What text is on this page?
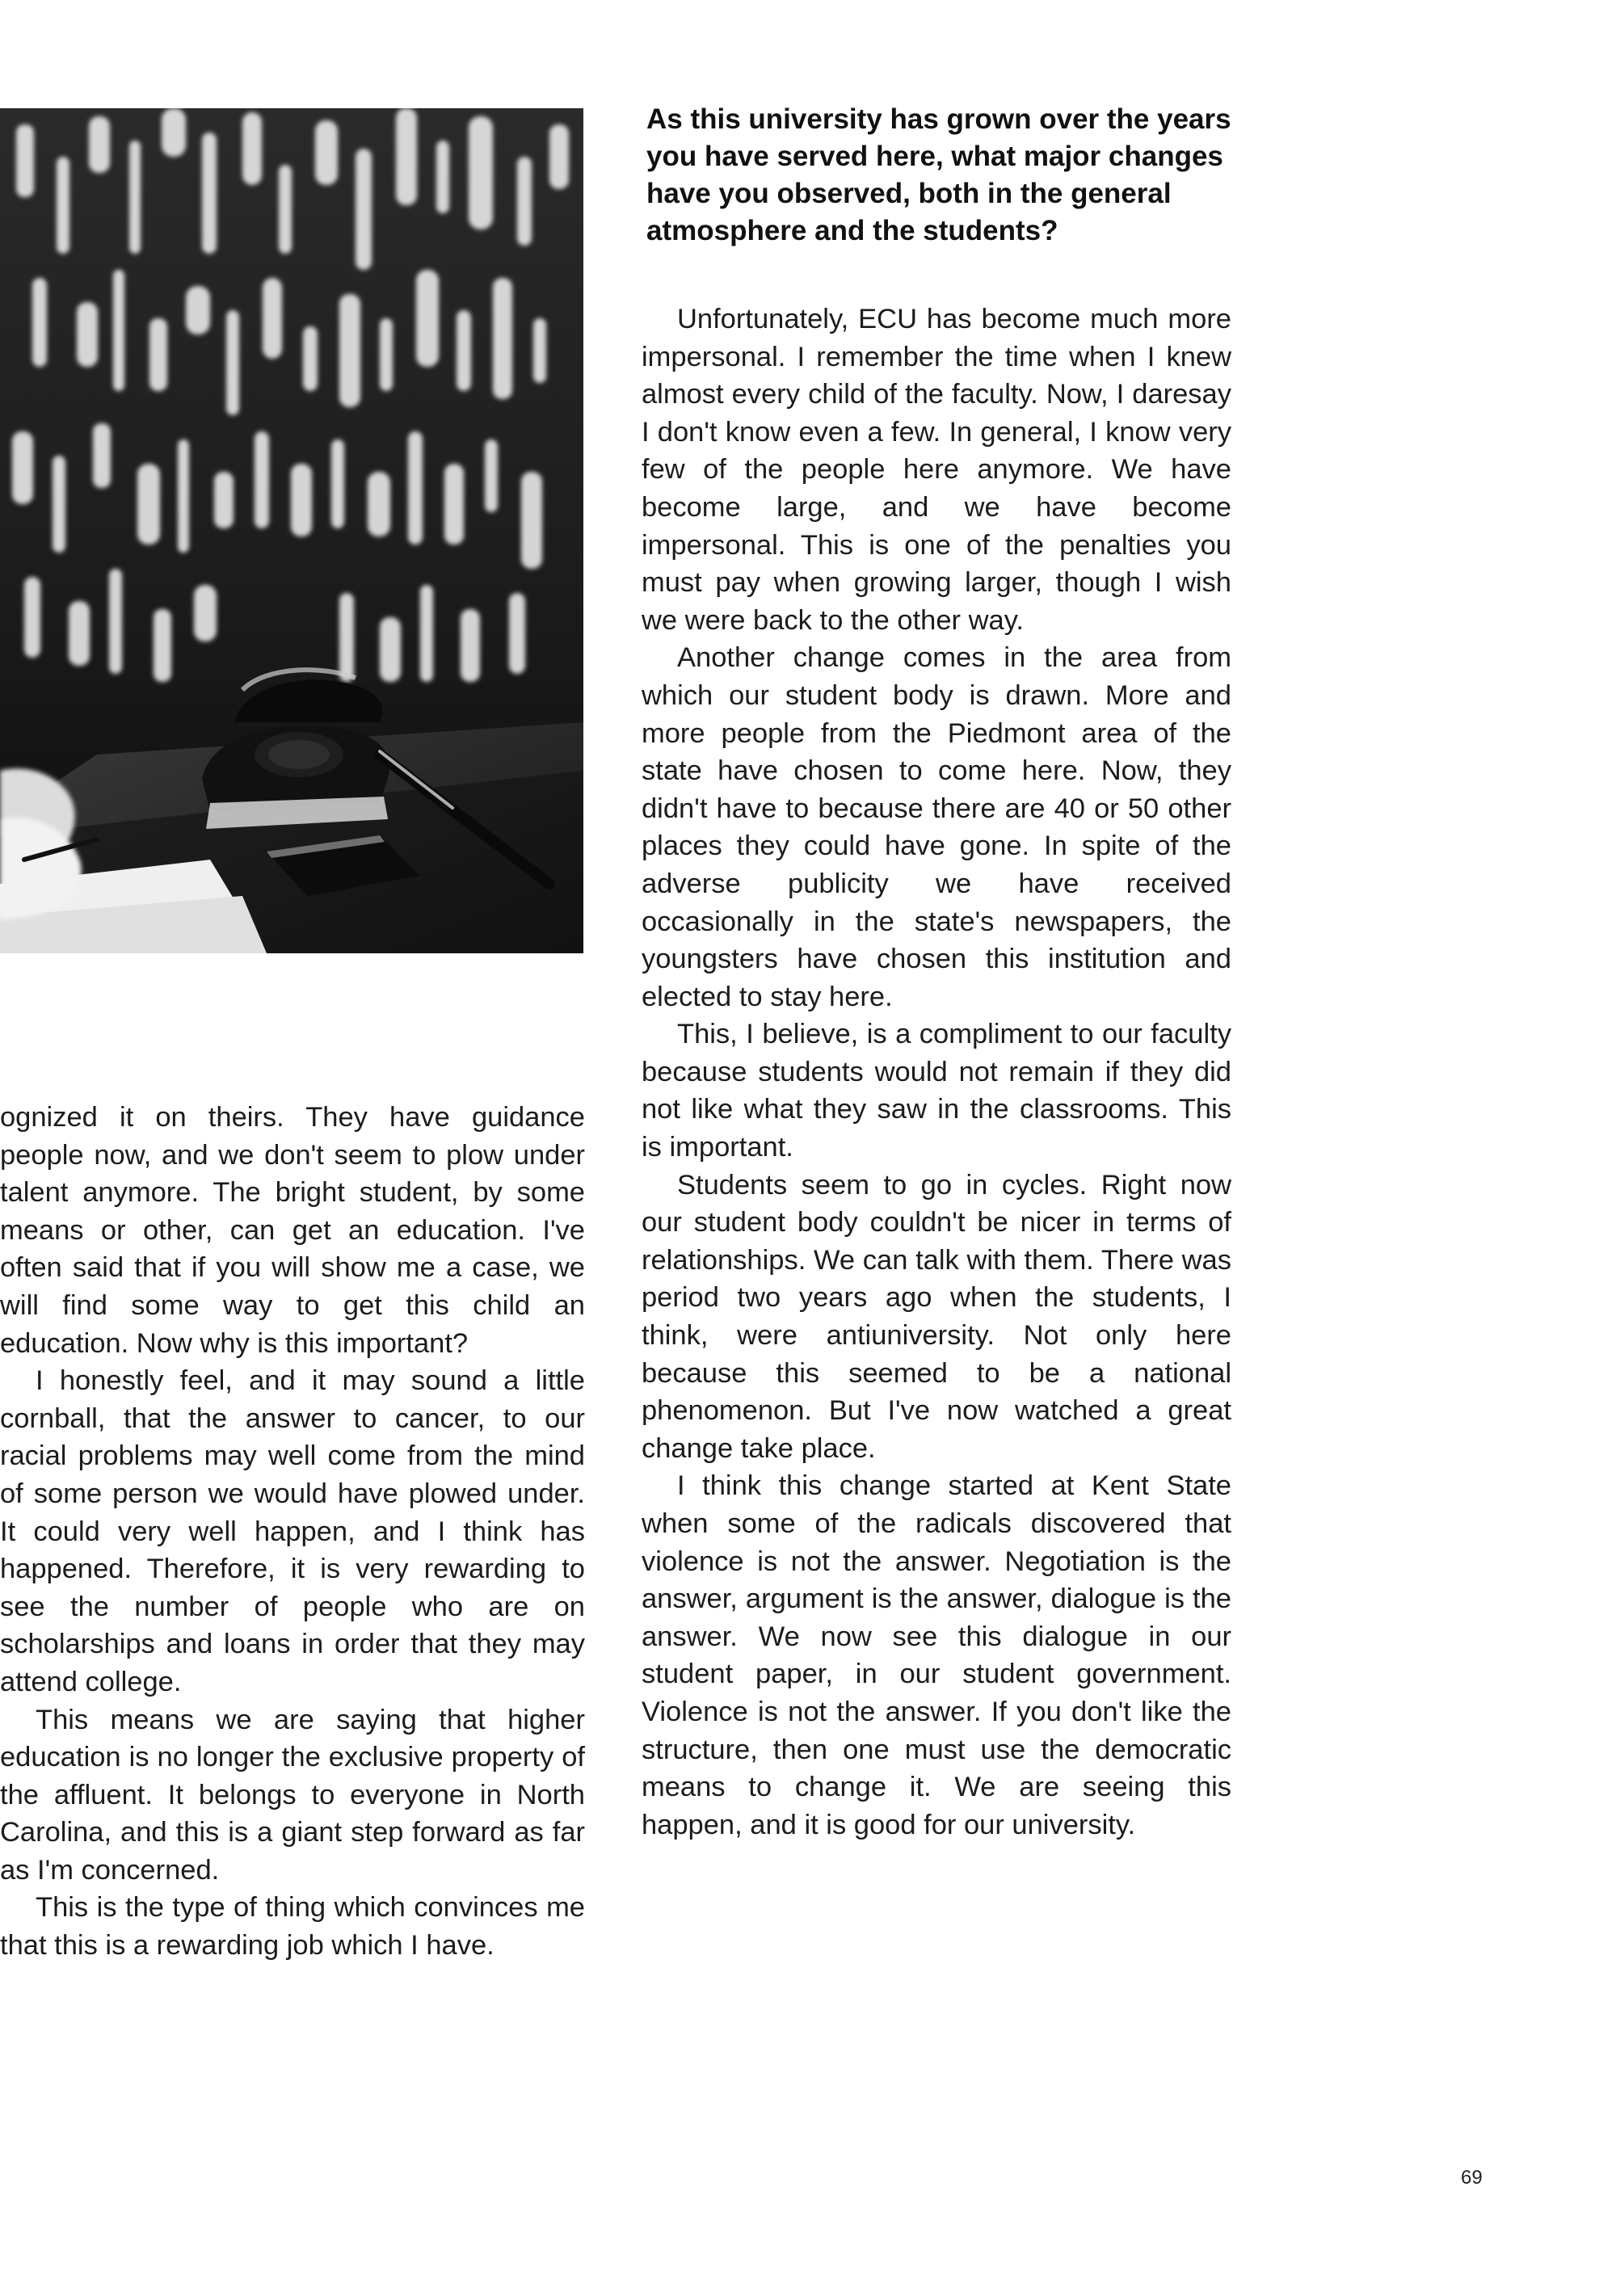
As this university has grown over the years you have served here, what major changes have you observed, both in the general atmosphere and the students?

ognized it on theirs. They have guidance people now, and we don't seem to plow under talent anymore. The bright student, by some means or other, can get an education. I've often said that if you will show me a case, we will find some way to get this child an education. Now why is this important?

I honestly feel, and it may sound a little cornball, that the answer to cancer, to our racial problems may well come from the mind of some person we would have plowed under. It could very well happen, and I think has happened. Therefore, it is very rewarding to see the number of people who are on scholarships and loans in order that they may attend college.

This means we are saying that higher education is no longer the exclusive property of the affluent. It belongs to everyone in North Carolina, and this is a giant step forward as far as I'm concerned.

This is the type of thing which convinces me that this is a rewarding job which I have.

Unfortunately, ECU has become much more impersonal. I remember the time when I knew almost every child of the faculty. Now, I daresay I don't know even a few. In general, I know very few of the people here anymore. We have become large, and we have become impersonal. This is one of the penalties you must pay when growing larger, though I wish we were back to the other way.

Another change comes in the area from which our student body is drawn. More and more people from the Piedmont area of the state have chosen to come here. Now, they didn't have to because there are 40 or 50 other places they could have gone. In spite of the adverse publicity we have received occasionally in the state's newspapers, the youngsters have chosen this institution and elected to stay here.

This, I believe, is a compliment to our faculty because students would not remain if they did not like what they saw in the classrooms. This is important.

Students seem to go in cycles. Right now our student body couldn't be nicer in terms of relationships. We can talk with them. There was period two years ago when the students, I think, were antiuniversity. Not only here because this seemed to be a national phenomenon. But I've now watched a great change take place.

I think this change started at Kent State when some of the radicals discovered that violence is not the answer. Negotiation is the answer, argument is the answer, dialogue is the answer. We now see this dialogue in our student paper, in our student government. Violence is not the answer. If you don't like the structure, then one must use the democratic means to change it. We are seeing this happen, and it is good for our university.

69
